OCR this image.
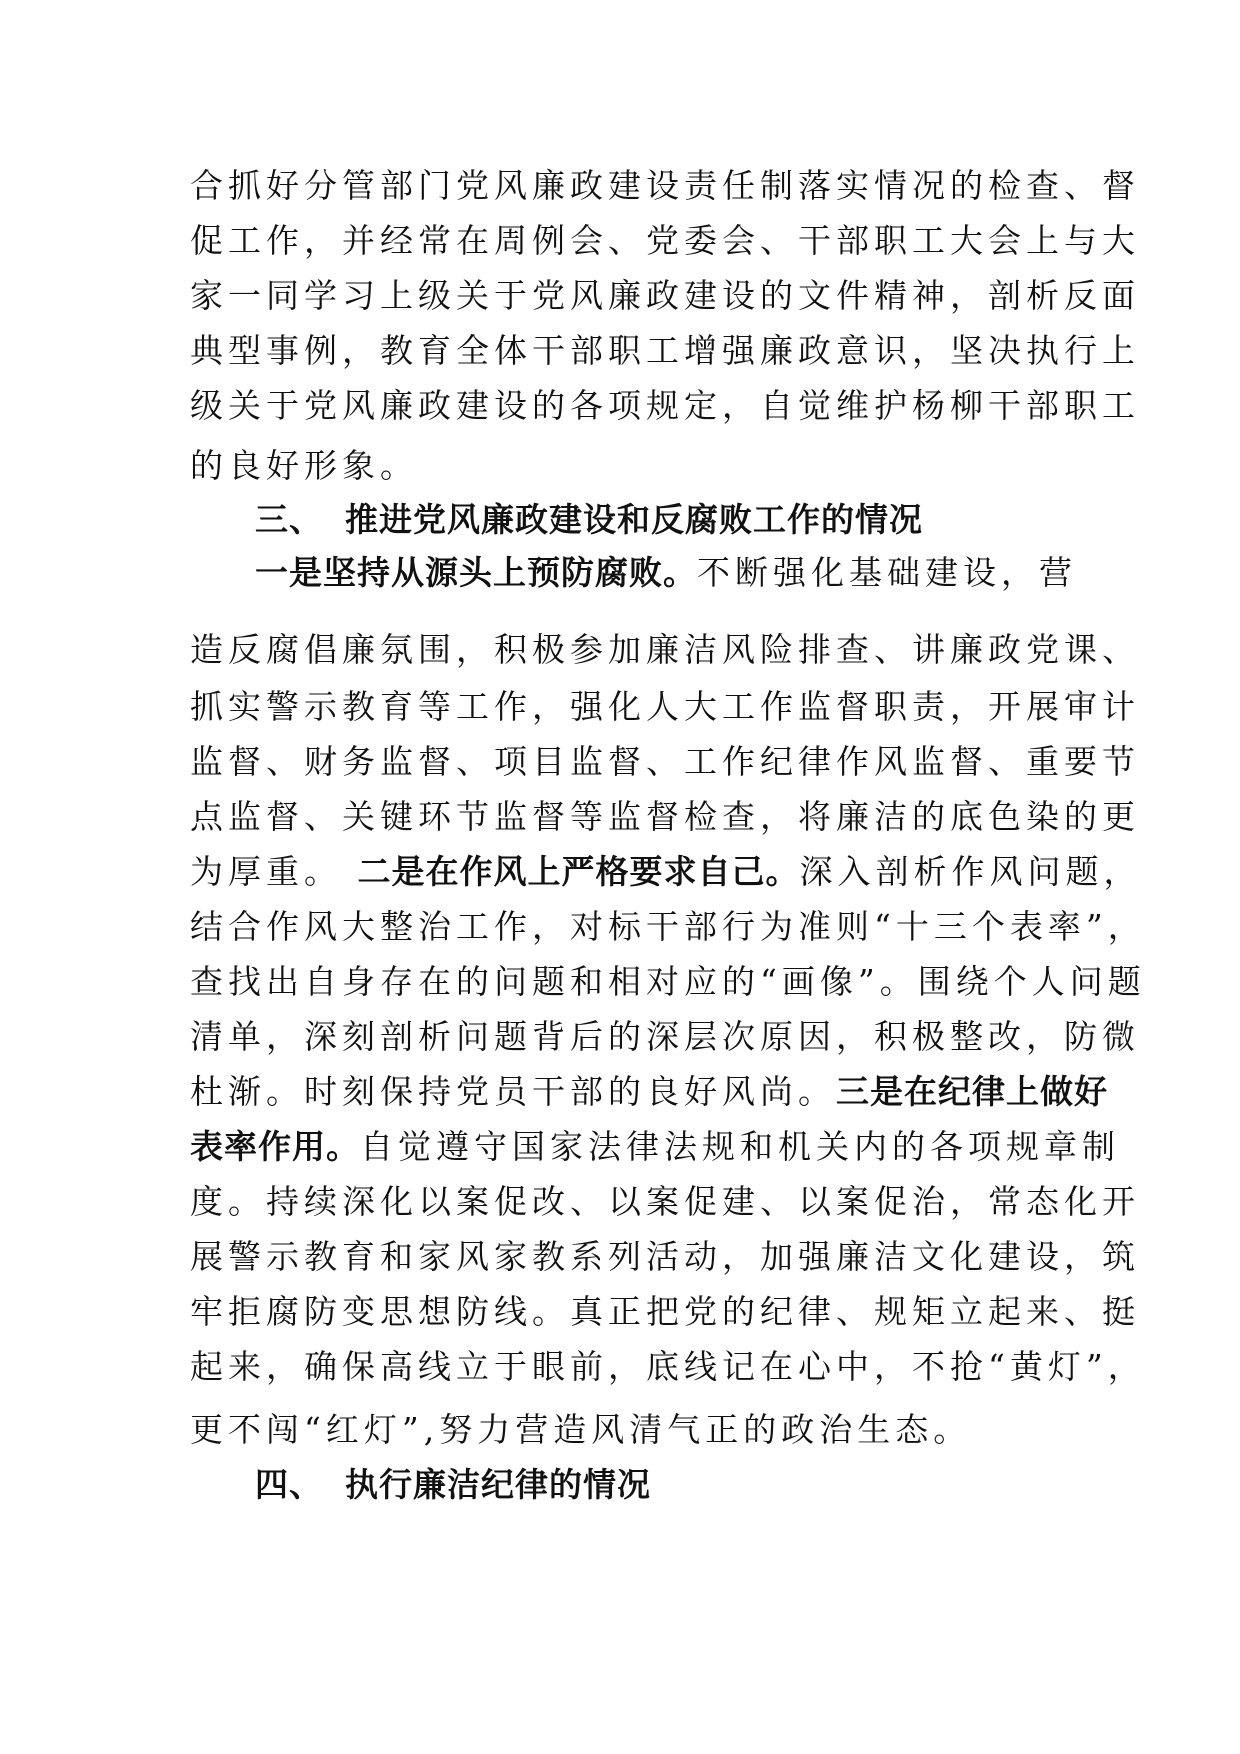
合抓好分管部门党风廉政建设责任制落实情况的检查、督
促工作，并经常在周例会、党委会、干部职工大会上与大
家一同学习上级关于党风廉政建设的文件精神，剖析反面
典型事例，教育全体干部职工增强廉政意识，坚决执行上
级关于党风廉政建设的各项规定，自觉维护杨柳干部职工
的良好形象。
三、 推进党风廉政建设和反腐败工作的情况
一是坚持从源头上预防腐败。不断强化基础建设，营
造反腐倡廉氛围，积极参加廉洁风险排查、讲廉政党课、
抓实警示教育等工作，强化人大工作监督职责，开展审计
监督、财务监督、项目监督、工作纪律作风监督、重要节
点监督、关键环节监督等监督检查，将廉洁的底色染的更
为厚重。 二是在作风上严格要求自己。深入剖析作风问题，
结合作风大整治工作，对标干部行为准则“十三个表率”，
查找出自身存在的问题和相对应的“画像”。围绕个人问题
清单，深刻剖析问题背后的深层次原因，积极整改，防微
杜渐。时刻保持党员干部的良好风尚。三是在纪律上做好
表率作用。自觉遵守国家法律法规和机关内的各项规章制
度。持续深化以案促改、以案促建、以案促治，常态化开
展警示教育和家风家教系列活动，加强廉洁文化建设，筑
牢拒腐防变思想防线。真正把党的纪律、规矩立起来、挺
起来，确保高线立于眼前，底线记在心中，不抢“黄灯”，
更不闯“红灯”,努力营造风清气正的政治生态。
四、 执行廉洁纪律的情况
